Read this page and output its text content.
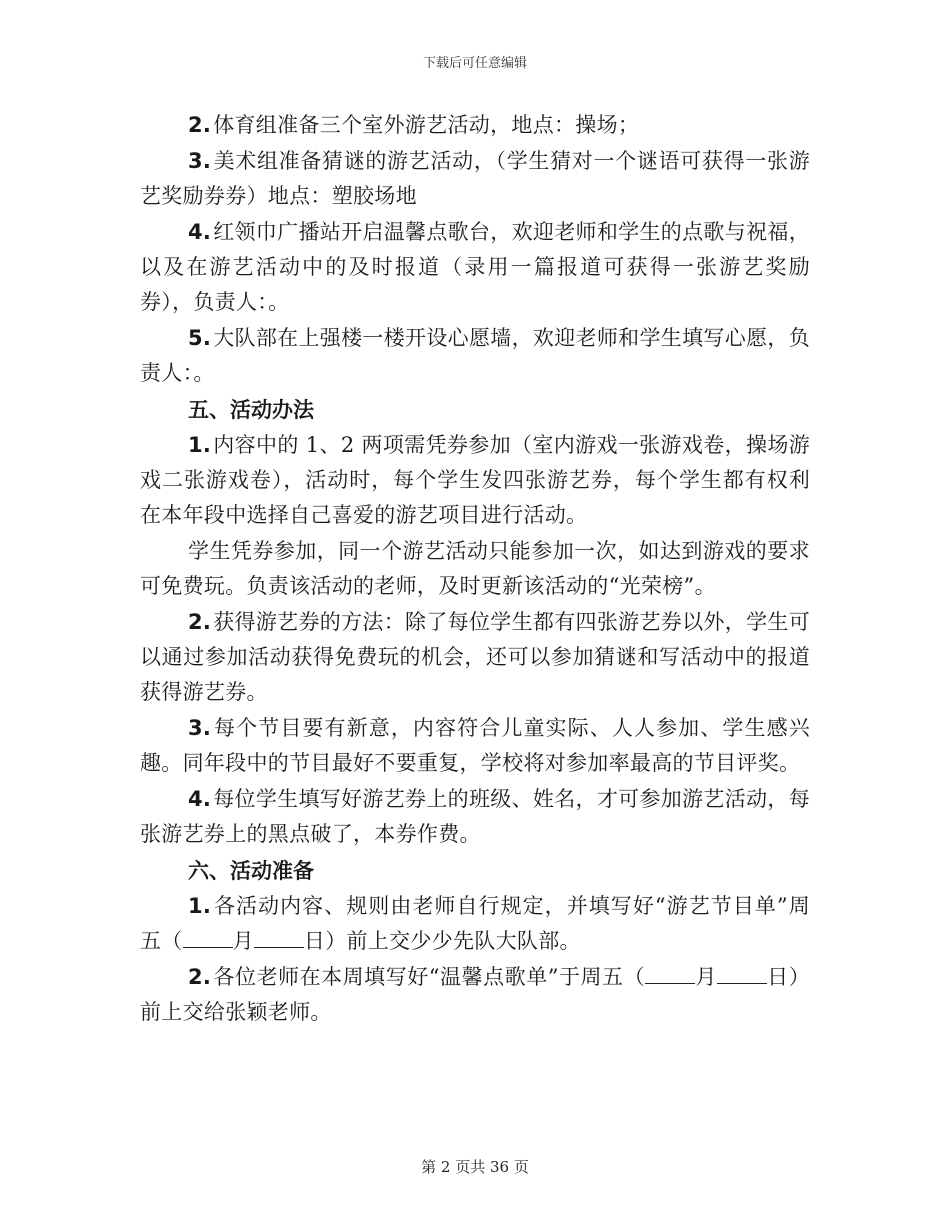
下载后可任意编辑

2.体育组准备三个室外游艺活动，地点：操场；

3.美术组准备猜谜的游艺活动，（学生猜对一个谜语可获得一张游艺奖励券券）地点：塑胶场地

4.红领巾广播站开启温馨点歌台，欢迎老师和学生的点歌与祝福，以及在游艺活动中的及时报道（录用一篇报道可获得一张游艺奖励券），负责人：。

5.大队部在上强楼一楼开设心愿墙，欢迎老师和学生填写心愿，负责人：。

五、活动办法

1.内容中的 1、2 两项需凭券参加（室内游戏一张游戏卷，操场游戏二张游戏卷），活动时，每个学生发四张游艺券，每个学生都有权利在本年段中选择自己喜爱的游艺项目进行活动。

学生凭券参加，同一个游艺活动只能参加一次，如达到游戏的要求可免费玩。负责该活动的老师，及时更新该活动的“光荣榜”。

2.获得游艺券的方法：除了每位学生都有四张游艺券以外，学生可以通过参加活动获得免费玩的机会，还可以参加猜谜和写活动中的报道获得游艺券。

3.每个节目要有新意，内容符合儿童实际、人人参加、学生感兴趣。同年段中的节目最好不要重复，学校将对参加率最高的节目评奖。

4.每位学生填写好游艺券上的班级、姓名，才可参加游艺活动，每张游艺券上的黑点破了，本券作费。

六、活动准备

1.各活动内容、规则由老师自行规定，并填写好“游艺节目单”周五（ 月 日）前上交少少先队大队部。

2.各位老师在本周填写好“温馨点歌单”于周五（ 月 日）前上交给张颖老师。

第 2 页共 36 页
